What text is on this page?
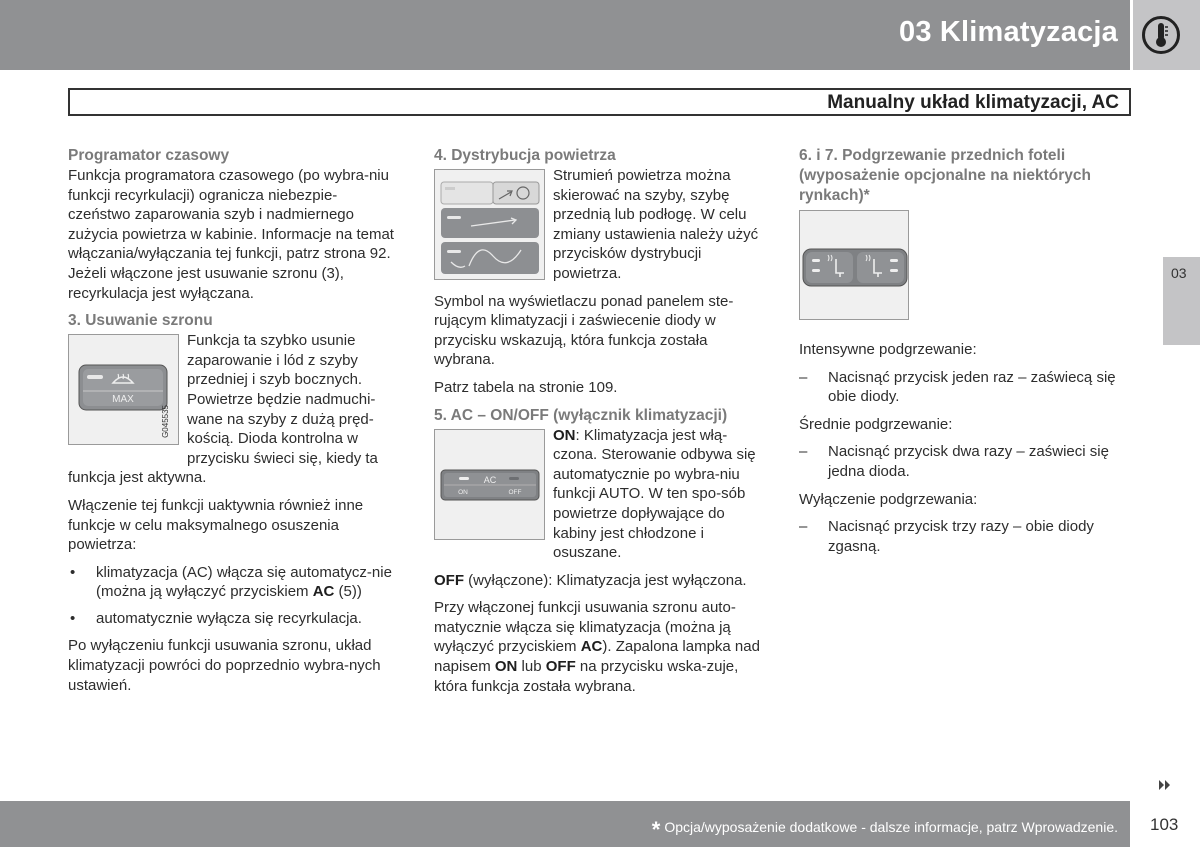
03 Klimatyzacja
Manualny układ klimatyzacji, AC
03
Programator czasowy

Funkcja programatora czasowego (po wybra-niu funkcji recyrkulacji) ogranicza niebezpie-czeństwo zaparowania szyb i nadmiernego zużycia powietrza w kabinie. Informacje na temat włączania/wyłączania tej funkcji, patrz strona 92. Jeżeli włączone jest usuwanie szronu (3), recyrkulacja jest wyłączana.

3. Usuwanie szronu
MAX
G045535

Funkcja ta szybko usunie zaparowanie i lód z szyby przedniej i szyb bocznych. Powietrze będzie nadmuchi-wane na szyby z dużą pręd-kością. Dioda kontrolna w przycisku świeci się, kiedy ta funkcja jest aktywna.

Włączenie tej funkcji uaktywnia również inne funkcje w celu maksymalnego osuszenia powietrza:

• klimatyzacja (AC) włącza się automatycz-nie (można ją wyłączyć przyciskiem AC (5))
• automatycznie wyłącza się recyrkulacja.

Po wyłączeniu funkcji usuwania szronu, układ klimatyzacji powróci do poprzednio wybra-nych ustawień.

4. Dystrybucja powietrza

Strumień powietrza można skierować na szyby, szybę przednią lub podłogę. W celu zmiany ustawienia należy użyć przycisków dystrybucji powietrza.

Symbol na wyświetlaczu ponad panelem ste-rującym klimatyzacji i zaświecenie diody w przycisku wskazują, która funkcja została wybrana.

Patrz tabela na stronie 109.

5. AC – ON/OFF (wyłącznik klimatyzacji)
AC
ON	OFF

ON: Klimatyzacja jest włą-czona. Sterowanie odbywa się automatycznie po wybra-niu funkcji AUTO. W ten spo-sób powietrze dopływające do kabiny jest chłodzone i osuszane.

OFF (wyłączone): Klimatyzacja jest wyłączona.

Przy włączonej funkcji usuwania szronu auto-matycznie włącza się klimatyzacja (można ją wyłączyć przyciskiem AC). Zapalona lampka nad napisem ON lub OFF na przycisku wska-zuje, która funkcja została wybrana.

6. i 7. Podgrzewanie przednich foteli (wyposażenie opcjonalne na niektórych rynkach)*

Intensywne podgrzewanie:

– Nacisnąć przycisk jeden raz – zaświecą się obie diody.

Średnie podgrzewanie:

– Nacisnąć przycisk dwa razy – zaświeci się jedna dioda.

Wyłączenie podgrzewania:

– Nacisnąć przycisk trzy razy – obie diody zgasną.
* Opcja/wyposażenie dodatkowe - dalsze informacje, patrz Wprowadzenie. 103
